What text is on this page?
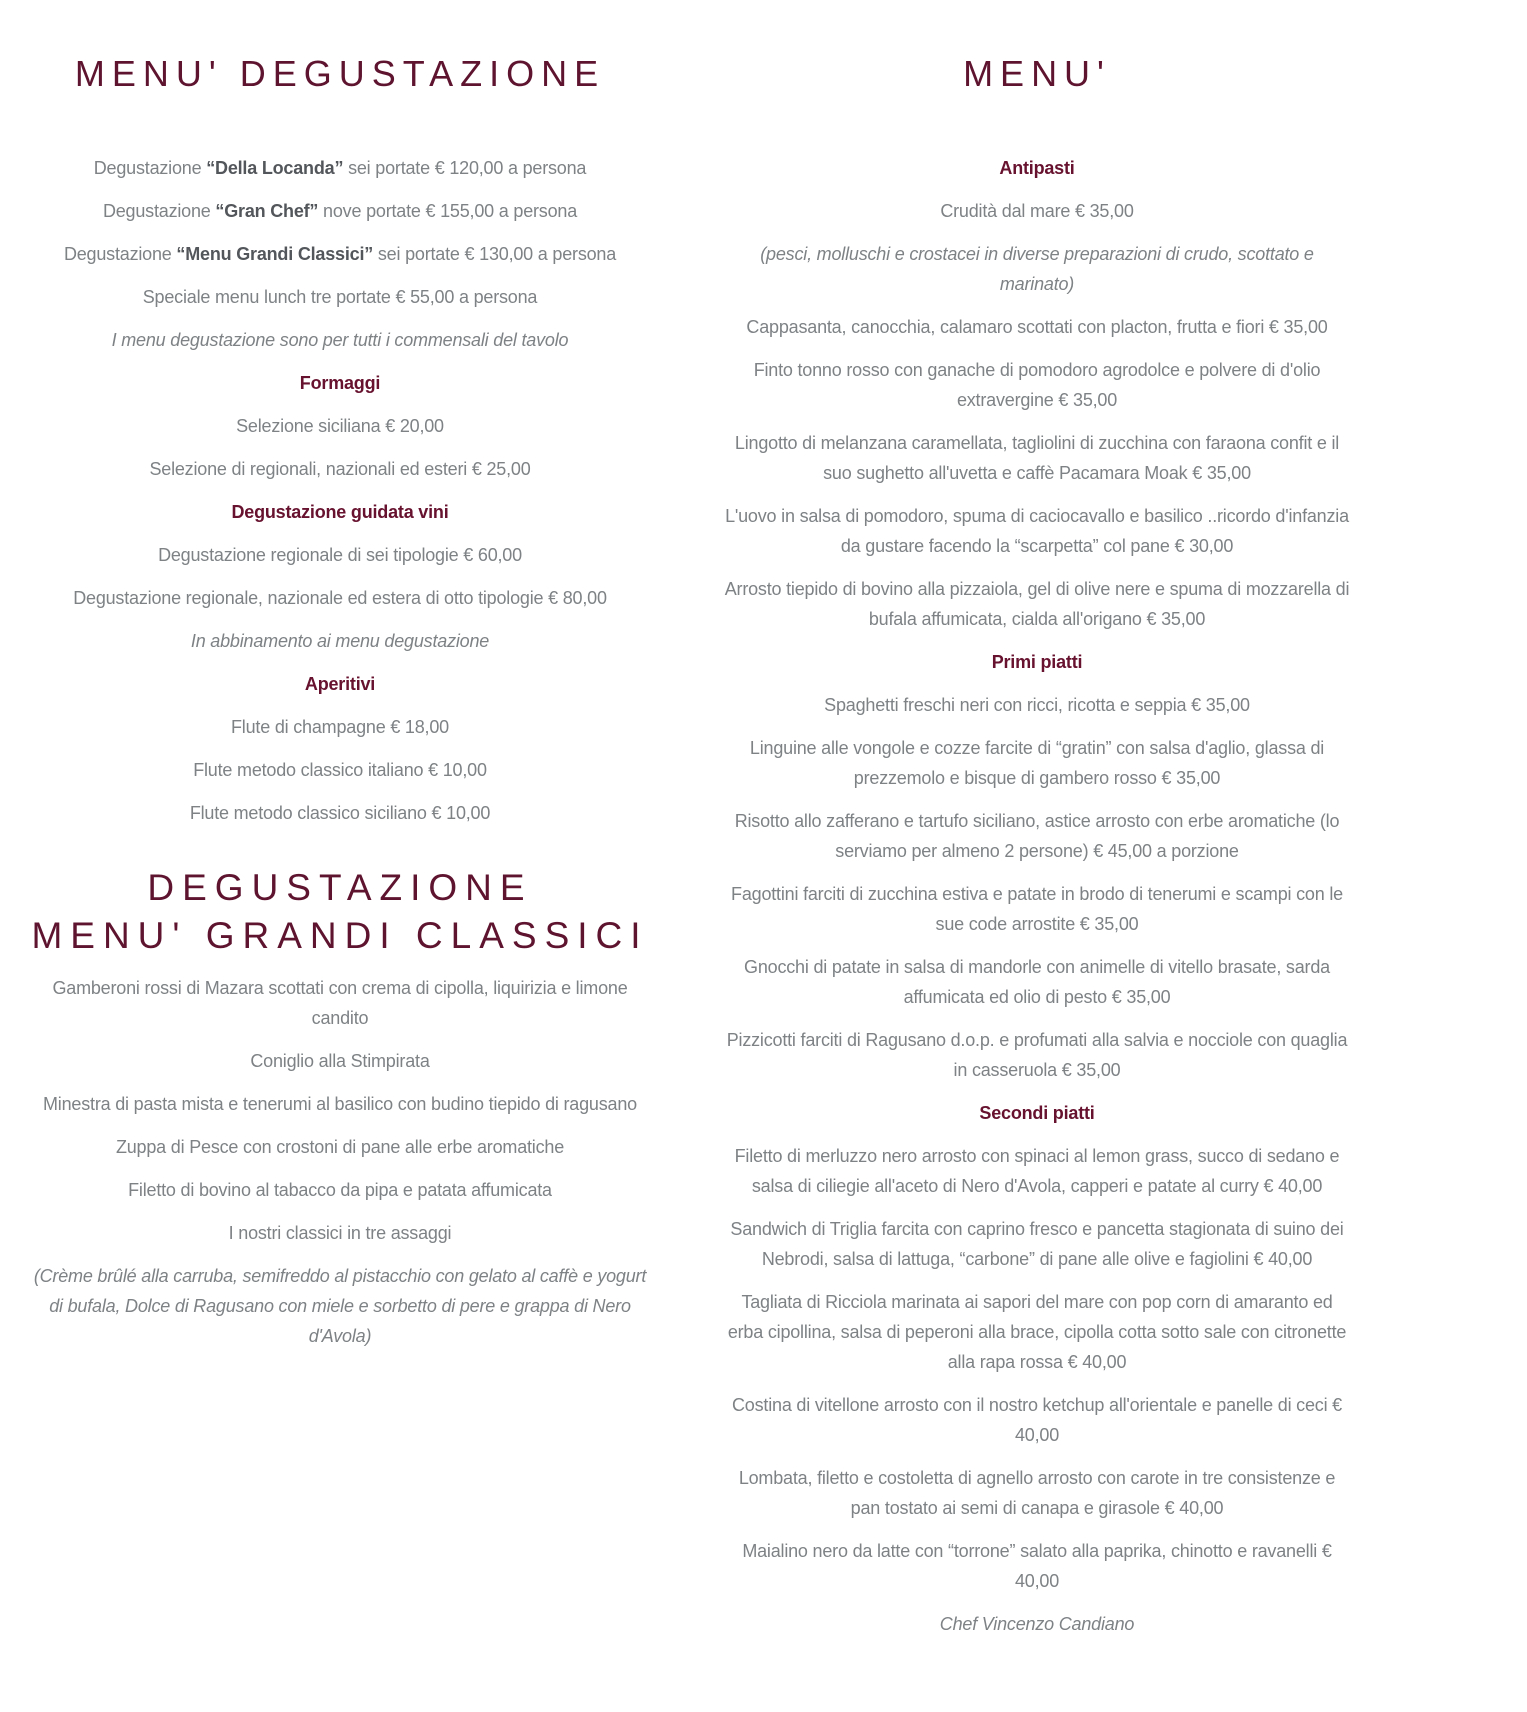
MENU' DEGUSTAZIONE

Degustazione “Della Locanda” sei portate € 120,00 a persona

Degustazione “Gran Chef” nove portate € 155,00 a persona

Degustazione “Menu Grandi Classici” sei portate € 130,00 a persona

Speciale menu lunch tre portate € 55,00 a persona

I menu degustazione sono per tutti i commensali del tavolo

Formaggi

Selezione siciliana € 20,00

Selezione di regionali, nazionali ed esteri € 25,00

Degustazione guidata vini

Degustazione regionale di sei tipologie € 60,00

Degustazione regionale, nazionale ed estera di otto tipologie € 80,00

In abbinamento ai menu degustazione

Aperitivi

Flute di champagne € 18,00

Flute metodo classico italiano € 10,00

Flute metodo classico siciliano € 10,00

DEGUSTAZIONE
MENU' GRANDI CLASSICI

Gamberoni rossi di Mazara scottati con crema di cipolla, liquirizia e limone candito

Coniglio alla Stimpirata

Minestra di pasta mista e tenerumi al basilico con budino tiepido di ragusano

Zuppa di Pesce con crostoni di pane alle erbe aromatiche

Filetto di bovino al tabacco da pipa e patata affumicata

I nostri classici in tre assaggi

(Crème brûlé alla carruba, semifreddo al pistacchio con gelato al caffè e yogurt di bufala, Dolce di Ragusano con miele e sorbetto di pere e grappa di Nero d'Avola)

MENU'

Antipasti

Crudità dal mare € 35,00

(pesci, molluschi e crostacei in diverse preparazioni di crudo, scottato e marinato)

Cappasanta, canocchia, calamaro scottati con placton, frutta e fiori € 35,00

Finto tonno rosso con ganache di pomodoro agrodolce e polvere di d'olio extravergine € 35,00

Lingotto di melanzana caramellata, tagliolini di zucchina con faraona confit e il suo sughetto all'uvetta e caffè Pacamara Moak € 35,00

L'uovo in salsa di pomodoro, spuma di caciocavallo e basilico ..ricordo d'infanzia da gustare facendo la “scarpetta” col pane € 30,00

Arrosto tiepido di bovino alla pizzaiola, gel di olive nere e spuma di mozzarella di bufala affumicata, cialda all'origano € 35,00

Primi piatti

Spaghetti freschi neri con ricci, ricotta e seppia € 35,00

Linguine alle vongole e cozze farcite di “gratin” con salsa d'aglio, glassa di prezzemolo e bisque di gambero rosso € 35,00

Risotto allo zafferano e tartufo siciliano, astice arrosto con erbe aromatiche (lo serviamo per almeno 2 persone) € 45,00 a porzione

Fagottini farciti di zucchina estiva e patate in brodo di tenerumi e scampi con le sue code arrostite € 35,00

Gnocchi di patate in salsa di mandorle con animelle di vitello brasate, sarda affumicata ed olio di pesto € 35,00

Pizzicotti farciti di Ragusano d.o.p. e profumati alla salvia e nocciole con quaglia in casseruola € 35,00

Secondi piatti

Filetto di merluzzo nero arrosto con spinaci al lemon grass, succo di sedano e salsa di ciliegie all'aceto di Nero d'Avola, capperi e patate al curry € 40,00

Sandwich di Triglia farcita con caprino fresco e pancetta stagionata di suino dei Nebrodi, salsa di lattuga, “carbone” di pane alle olive e fagiolini € 40,00

Tagliata di Ricciola marinata ai sapori del mare con pop corn di amaranto ed erba cipollina, salsa di peperoni alla brace, cipolla cotta sotto sale con citronette alla rapa rossa € 40,00

Costina di vitellone arrosto con il nostro ketchup all'orientale e panelle di ceci € 40,00

Lombata, filetto e costoletta di agnello arrosto con carote in tre consistenze e pan tostato ai semi di canapa e girasole € 40,00

Maialino nero da latte con “torrone” salato alla paprika, chinotto e ravanelli € 40,00

Chef Vincenzo Candiano
